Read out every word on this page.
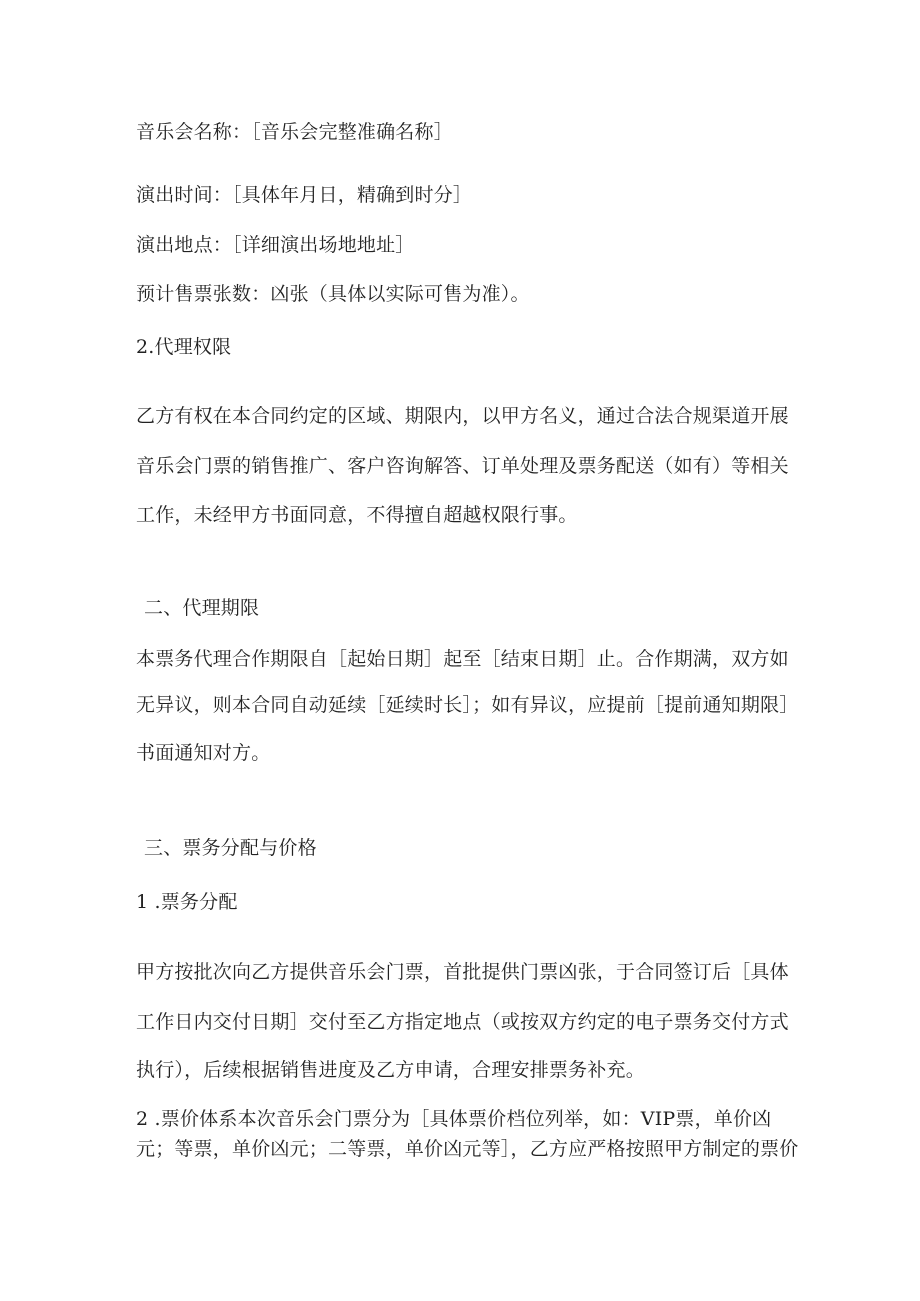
音乐会名称：［音乐会完整准确名称］
演出时间：［具体年月日，精确到时分］
演出地点：［详细演出场地地址］
预计售票张数：凶张（具体以实际可售为准）。
2.代理权限
乙方有权在本合同约定的区域、期限内，以甲方名义，通过合法合规渠道开展
音乐会门票的销售推广、客户咨询解答、订单处理及票务配送（如有）等相关
工作，未经甲方书面同意，不得擅自超越权限行事。
二、代理期限
本票务代理合作期限自［起始日期］起至［结束日期］止。合作期满，双方如
无异议，则本合同自动延续［延续时长］；如有异议，应提前［提前通知期限］
书面通知对方。
三、票务分配与价格
1 .票务分配
甲方按批次向乙方提供音乐会门票，首批提供门票凶张，于合同签订后［具体
工作日内交付日期］交付至乙方指定地点（或按双方约定的电子票务交付方式
执行），后续根据销售进度及乙方申请，合理安排票务补充。
2 .票价体系本次音乐会门票分为［具体票价档位列举，如：VIP票，单价凶
元；等票，单价凶元；二等票，单价凶元等］，乙方应严格按照甲方制定的票价
